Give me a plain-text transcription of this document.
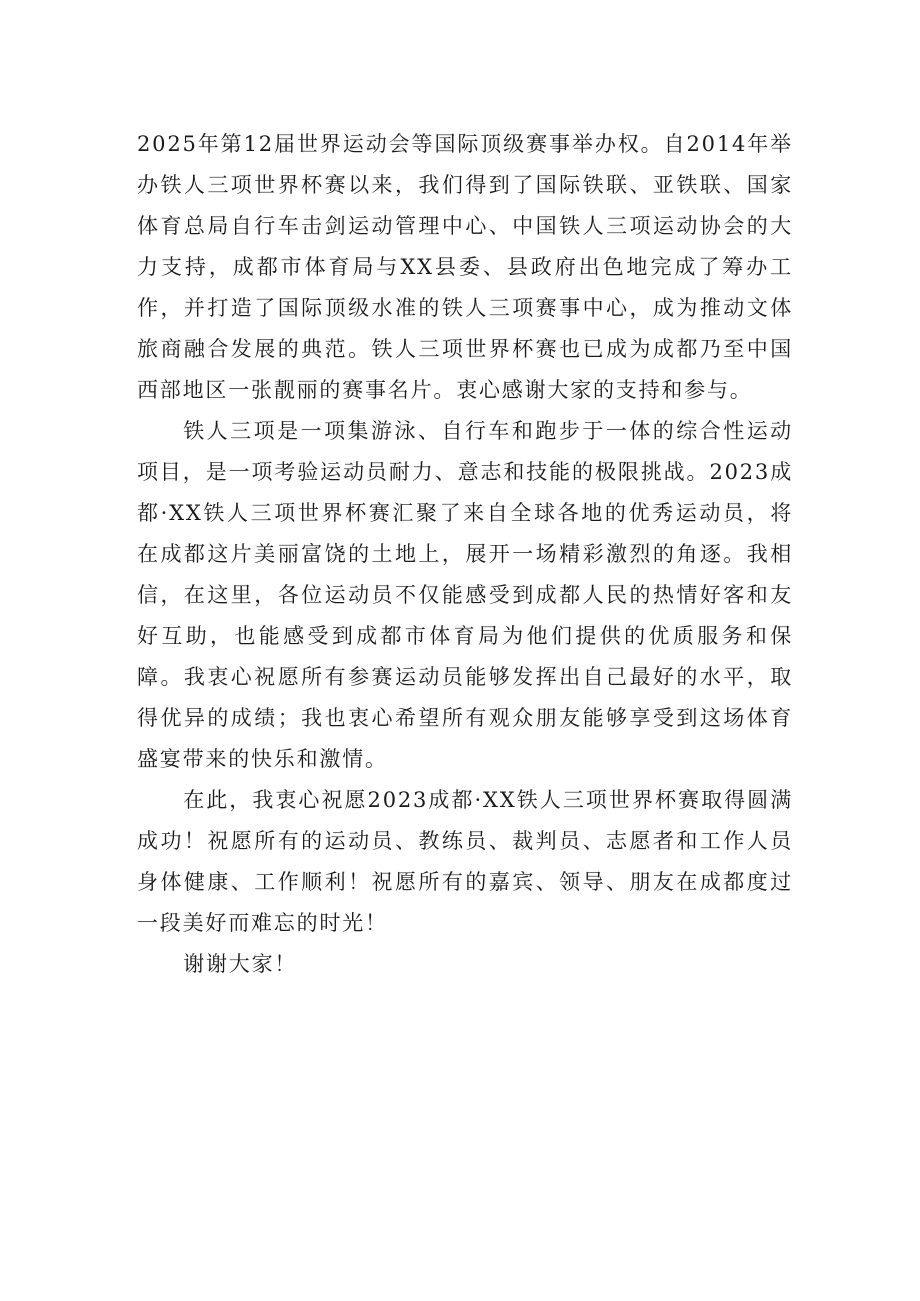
2025年第12届世界运动会等国际顶级赛事举办权。自2014年举办铁人三项世界杯赛以来，我们得到了国际铁联、亚铁联、国家体育总局自行车击剑运动管理中心、中国铁人三项运动协会的大力支持，成都市体育局与XX县委、县政府出色地完成了筹办工作，并打造了国际顶级水准的铁人三项赛事中心，成为推动文体旅商融合发展的典范。铁人三项世界杯赛也已成为成都乃至中国西部地区一张靓丽的赛事名片。衷心感谢大家的支持和参与。

铁人三项是一项集游泳、自行车和跑步于一体的综合性运动项目，是一项考验运动员耐力、意志和技能的极限挑战。2023成都·XX铁人三项世界杯赛汇聚了来自全球各地的优秀运动员，将在成都这片美丽富饶的土地上，展开一场精彩激烈的角逐。我相信，在这里，各位运动员不仅能感受到成都人民的热情好客和友好互助，也能感受到成都市体育局为他们提供的优质服务和保障。我衷心祝愿所有参赛运动员能够发挥出自己最好的水平，取得优异的成绩；我也衷心希望所有观众朋友能够享受到这场体育盛宴带来的快乐和激情。

在此，我衷心祝愿2023成都·XX铁人三项世界杯赛取得圆满成功！祝愿所有的运动员、教练员、裁判员、志愿者和工作人员身体健康、工作顺利！祝愿所有的嘉宾、领导、朋友在成都度过一段美好而难忘的时光！

谢谢大家！
